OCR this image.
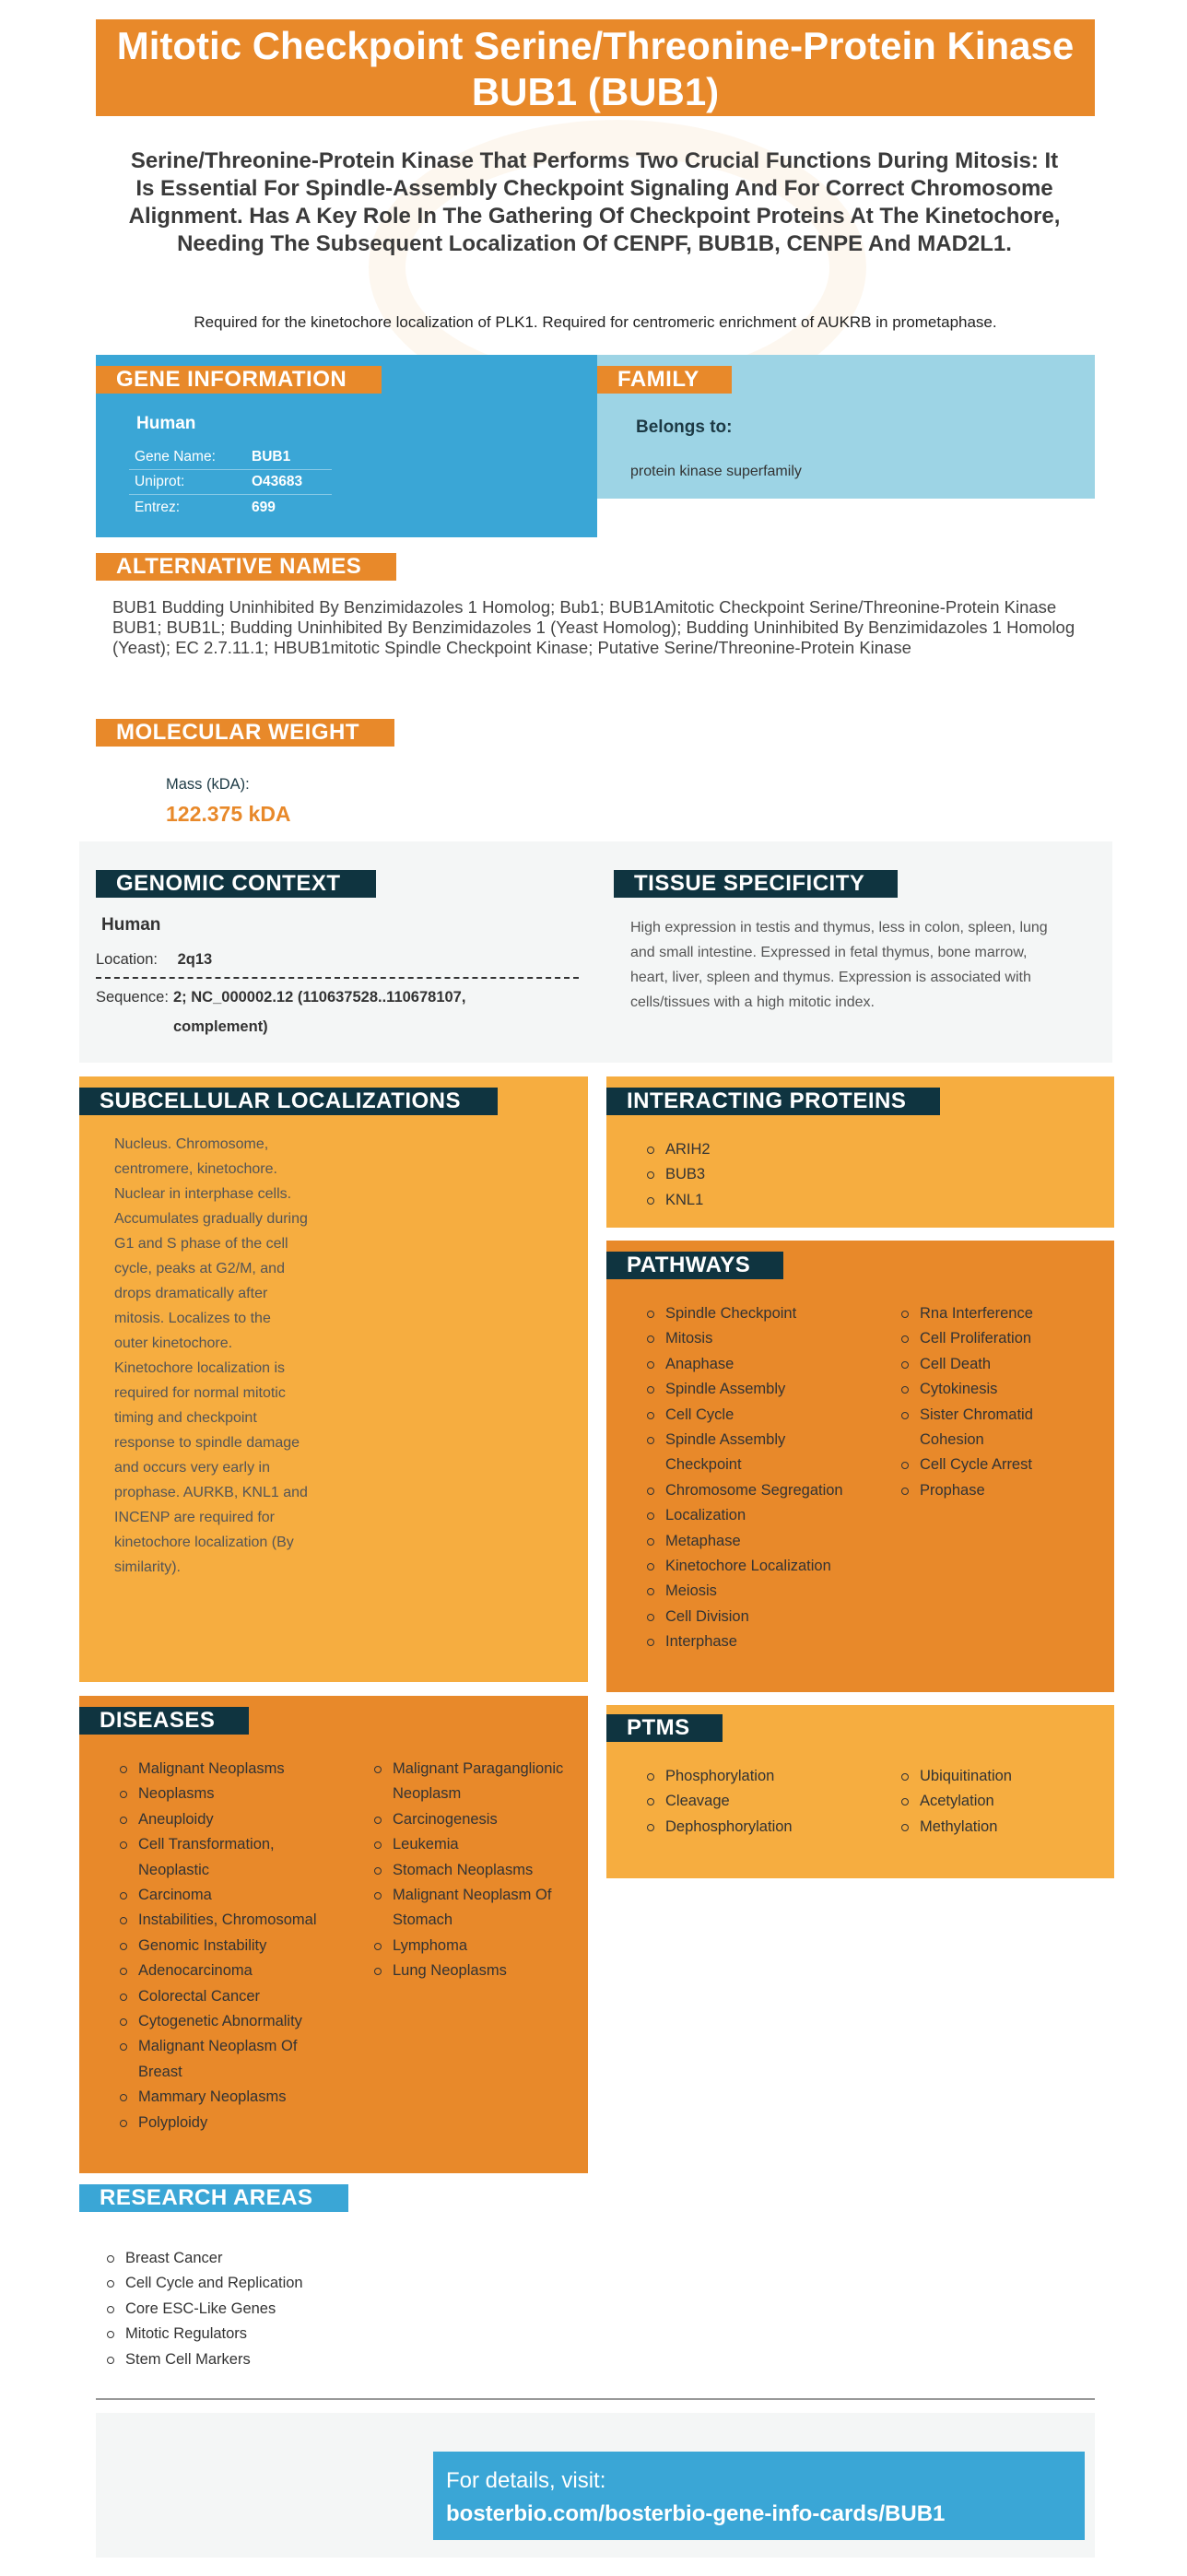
Mitotic Checkpoint Serine/Threonine-Protein Kinase BUB1 (BUB1)
Serine/Threonine-Protein Kinase That Performs Two Crucial Functions During Mitosis: It Is Essential For Spindle-Assembly Checkpoint Signaling And For Correct Chromosome Alignment. Has A Key Role In The Gathering Of Checkpoint Proteins At The Kinetochore, Needing The Subsequent Localization Of CENPF, BUB1B, CENPE And MAD2L1.
Required for the kinetochore localization of PLK1. Required for centromeric enrichment of AUKRB in prometaphase.
GENE INFORMATION
Human
Gene Name:	BUB1
Uniprot:	O43683
Entrez:	699
FAMILY
Belongs to:
protein kinase superfamily
ALTERNATIVE NAMES
BUB1 Budding Uninhibited By Benzimidazoles 1 Homolog; Bub1; BUB1Amitotic Checkpoint Serine/Threonine-Protein Kinase BUB1; BUB1L; Budding Uninhibited By Benzimidazoles 1 (Yeast Homolog); Budding Uninhibited By Benzimidazoles 1 Homolog (Yeast); EC 2.7.11.1; HBUB1mitotic Spindle Checkpoint Kinase; Putative Serine/Threonine-Protein Kinase
MOLECULAR WEIGHT
Mass (kDA):
122.375 kDA
GENOMIC CONTEXT
Human
Location: 2q13
Sequence: 2; NC_000002.12 (110637528..110678107, complement)
TISSUE SPECIFICITY
High expression in testis and thymus, less in colon, spleen, lung and small intestine. Expressed in fetal thymus, bone marrow, heart, liver, spleen and thymus. Expression is associated with cells/tissues with a high mitotic index.
SUBCELLULAR LOCALIZATIONS
Nucleus. Chromosome, centromere, kinetochore. Nuclear in interphase cells. Accumulates gradually during G1 and S phase of the cell cycle, peaks at G2/M, and drops dramatically after mitosis. Localizes to the outer kinetochore. Kinetochore localization is required for normal mitotic timing and checkpoint response to spindle damage and occurs very early in prophase. AURKB, KNL1 and INCENP are required for kinetochore localization (By similarity).
INTERACTING PROTEINS
ARIH2
BUB3
KNL1
PATHWAYS
Spindle Checkpoint
Mitosis
Anaphase
Spindle Assembly
Cell Cycle
Spindle Assembly Checkpoint
Chromosome Segregation
Localization
Metaphase
Kinetochore Localization
Meiosis
Cell Division
Interphase
Rna Interference
Cell Proliferation
Cell Death
Cytokinesis
Sister Chromatid Cohesion
Cell Cycle Arrest
Prophase
DISEASES
Malignant Neoplasms
Neoplasms
Aneuploidy
Cell Transformation, Neoplastic
Carcinoma
Instabilities, Chromosomal
Genomic Instability
Adenocarcinoma
Colorectal Cancer
Cytogenetic Abnormality
Malignant Neoplasm Of Breast
Mammary Neoplasms
Polyploidy
Malignant Paraganglionic Neoplasm
Carcinogenesis
Leukemia
Stomach Neoplasms
Malignant Neoplasm Of Stomach
Lymphoma
Lung Neoplasms
PTMS
Phosphorylation
Cleavage
Dephosphorylation
Ubiquitination
Acetylation
Methylation
RESEARCH AREAS
Breast Cancer
Cell Cycle and Replication
Core ESC-Like Genes
Mitotic Regulators
Stem Cell Markers
For details, visit:
bosterbio.com/bosterbio-gene-info-cards/BUB1
